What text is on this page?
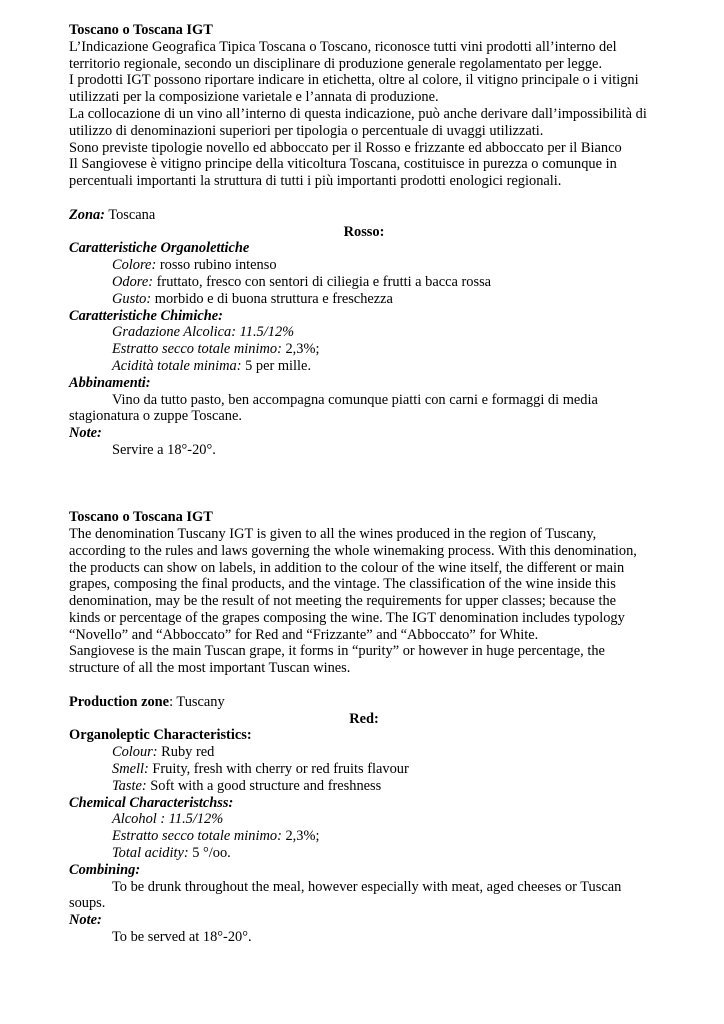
Toscano o Toscana IGT
L’Indicazione Geografica Tipica Toscana o Toscano, riconosce tutti vini prodotti all’interno del
territorio regionale, secondo un disciplinare di produzione generale regolamentato per legge.
I prodotti IGT possono riportare indicare in etichetta, oltre al colore, il vitigno principale o i vitigni
utilizzati per la composizione varietale e l’annata di produzione.
La collocazione di un vino all’interno di questa indicazione, può anche derivare dall’impossibilità di
utilizzo di denominazioni superiori per tipologia o percentuale di uvaggi utilizzati.
Sono previste tipologie novello ed abboccato per il Rosso e frizzante ed abboccato per il Bianco
Il Sangiovese è vitigno principe della viticoltura Toscana, costituisce in purezza o comunque in
percentuali importanti la struttura di tutti i più importanti prodotti enologici regionali.
Zona: Toscana
Rosso:
Caratteristiche Organolettiche
Colore: rosso rubino intenso
Odore: fruttato, fresco con sentori di ciliegia e frutti a bacca rossa
Gusto: morbido e di buona struttura e freschezza
Caratteristiche Chimiche:
Gradazione Alcolica: 11.5/12%
Estratto secco totale minimo: 2,3%;
Acidità totale minima: 5 per mille.
Abbinamenti:
Vino da tutto pasto, ben accompagna comunque piatti con carni e formaggi di media
stagionatura o zuppe Toscane.
Note:
Servire a 18°-20°.
Toscano o Toscana IGT
The denomination Tuscany IGT is given to all the wines produced in the region of Tuscany,
according to the rules and laws governing the whole winemaking process. With this denomination,
the products can show on labels, in addition to the colour of the wine itself, the different or main
grapes, composing the final products, and the vintage. The classification of the wine inside this
denomination, may be the result of not meeting the requirements for upper classes; because the
kinds or percentage of the grapes composing the wine. The IGT denomination includes typology
“Novello” and “Abboccato” for Red and “Frizzante” and “Abboccato” for White.
Sangiovese is the main Tuscan grape, it forms in “purity” or however in huge percentage, the
structure of all the most important Tuscan wines.
Production zone: Tuscany
Red:
Organoleptic Characteristics:
Colour: Ruby red
Smell: Fruity, fresh with cherry or red fruits flavour
Taste: Soft with a good structure and freshness
Chemical Characteristchss:
Alcohol : 11.5/12%
Estratto secco totale minimo: 2,3%;
Total acidity: 5 °/oo.
Combining:
To be drunk throughout the meal, however especially with meat, aged cheeses or Tuscan
soups.
Note:
To be served at 18°-20°.
